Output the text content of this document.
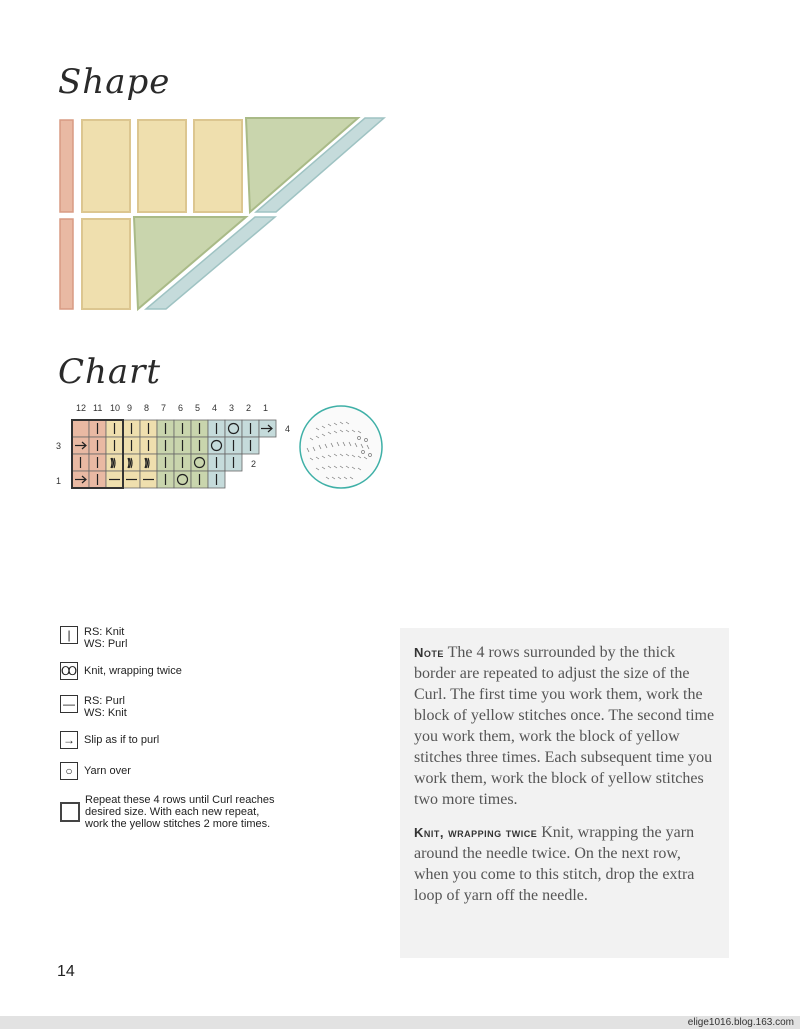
Shape
Chart
12 11 10 9 8 7 6 5 4 3 2 1
3
1
4
2
|	RS: Knit
WS: Purl
Ꝏ Knit, wrapping twice
— RS: Purl
WS: Knit
→ Slip as if to purl
○	Yarn over
Repeat these 4 rows until Curl reaches
desired size. With each new repeat,
work the yellow stitches 2 more times.

Note The 4 rows surrounded by the thick border are repeated to adjust the size of the Curl. The first time you work them, work the block of yellow stitches once. The second time you work them, work the block of yellow stitches three times. Each subsequent time you work them, work the block of yellow stitches two more times.

Knit, wrapping twice Knit, wrapping the yarn around the needle twice. On the next row, when you come to this stitch, drop the extra loop of yarn off the needle.

14
elige1016.blog.163.com
